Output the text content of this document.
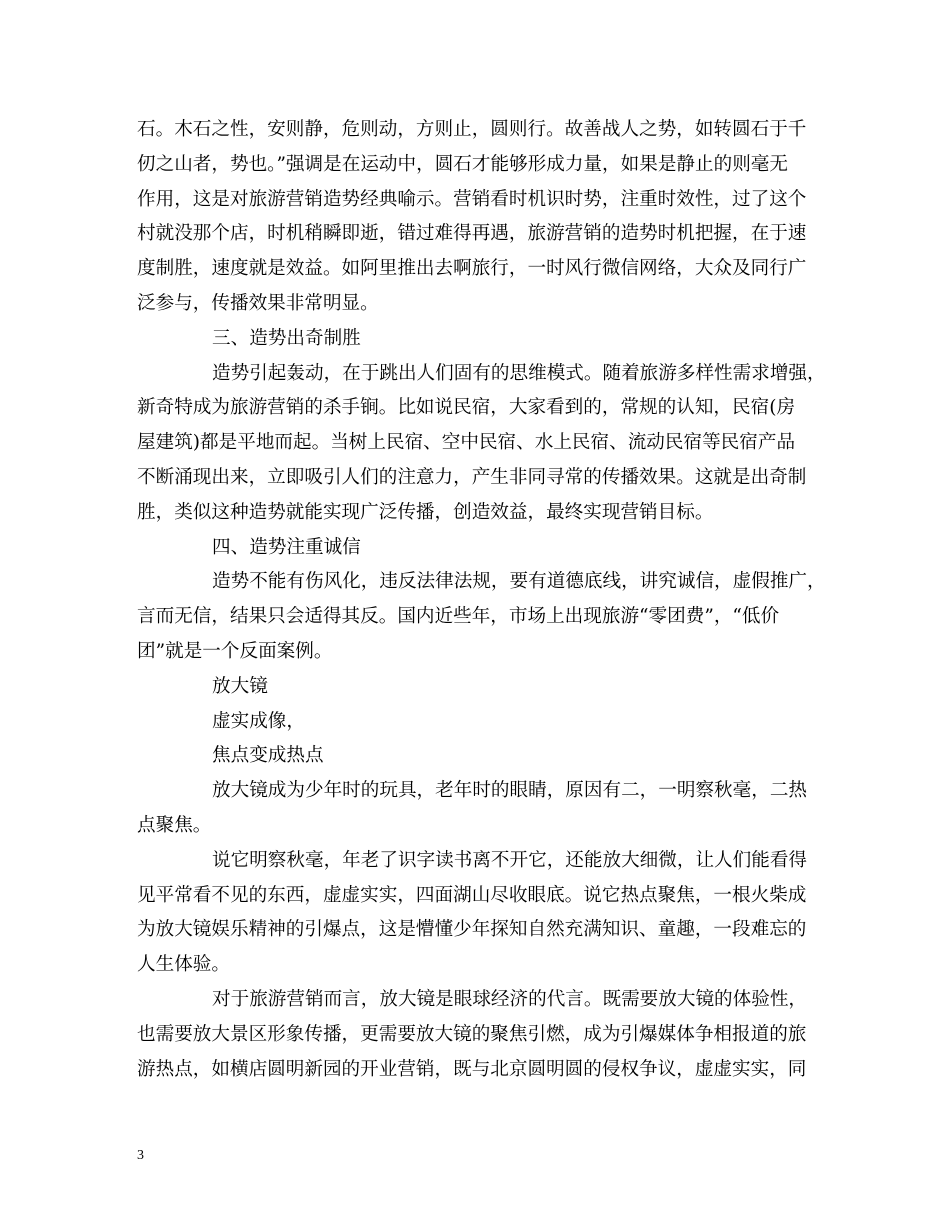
石。木石之性，安则静，危则动，方则止，圆则行。故善战人之势，如转圆石于千
仞之山者，势也。”强调是在运动中，圆石才能够形成力量，如果是静止的则毫无
作用，这是对旅游营销造势经典喻示。营销看时机识时势，注重时效性，过了这个
村就没那个店，时机稍瞬即逝，错过难得再遇，旅游营销的造势时机把握，在于速
度制胜，速度就是效益。如阿里推出去啊旅行，一时风行微信网络，大众及同行广
泛参与，传播效果非常明显。
三、造势出奇制胜
造势引起轰动，在于跳出人们固有的思维模式。随着旅游多样性需求增强，
新奇特成为旅游营销的杀手锏。比如说民宿，大家看到的，常规的认知，民宿(房
屋建筑)都是平地而起。当树上民宿、空中民宿、水上民宿、流动民宿等民宿产品
不断涌现出来，立即吸引人们的注意力，产生非同寻常的传播效果。这就是出奇制
胜，类似这种造势就能实现广泛传播，创造效益，最终实现营销目标。
四、造势注重诚信
造势不能有伤风化，违反法律法规，要有道德底线，讲究诚信，虚假推广，
言而无信，结果只会适得其反。国内近些年，市场上出现旅游“零团费”，“低价
团”就是一个反面案例。
放大镜
虚实成像，
焦点变成热点
放大镜成为少年时的玩具，老年时的眼睛，原因有二，一明察秋毫，二热
点聚焦。
说它明察秋毫，年老了识字读书离不开它，还能放大细微，让人们能看得
见平常看不见的东西，虚虚实实，四面湖山尽收眼底。说它热点聚焦，一根火柴成
为放大镜娱乐精神的引爆点，这是懵懂少年探知自然充满知识、童趣，一段难忘的
人生体验。
对于旅游营销而言，放大镜是眼球经济的代言。既需要放大镜的体验性，
也需要放大景区形象传播，更需要放大镜的聚焦引燃，成为引爆媒体争相报道的旅
游热点，如横店圆明新园的开业营销，既与北京圆明圆的侵权争议，虚虚实实，同
3
